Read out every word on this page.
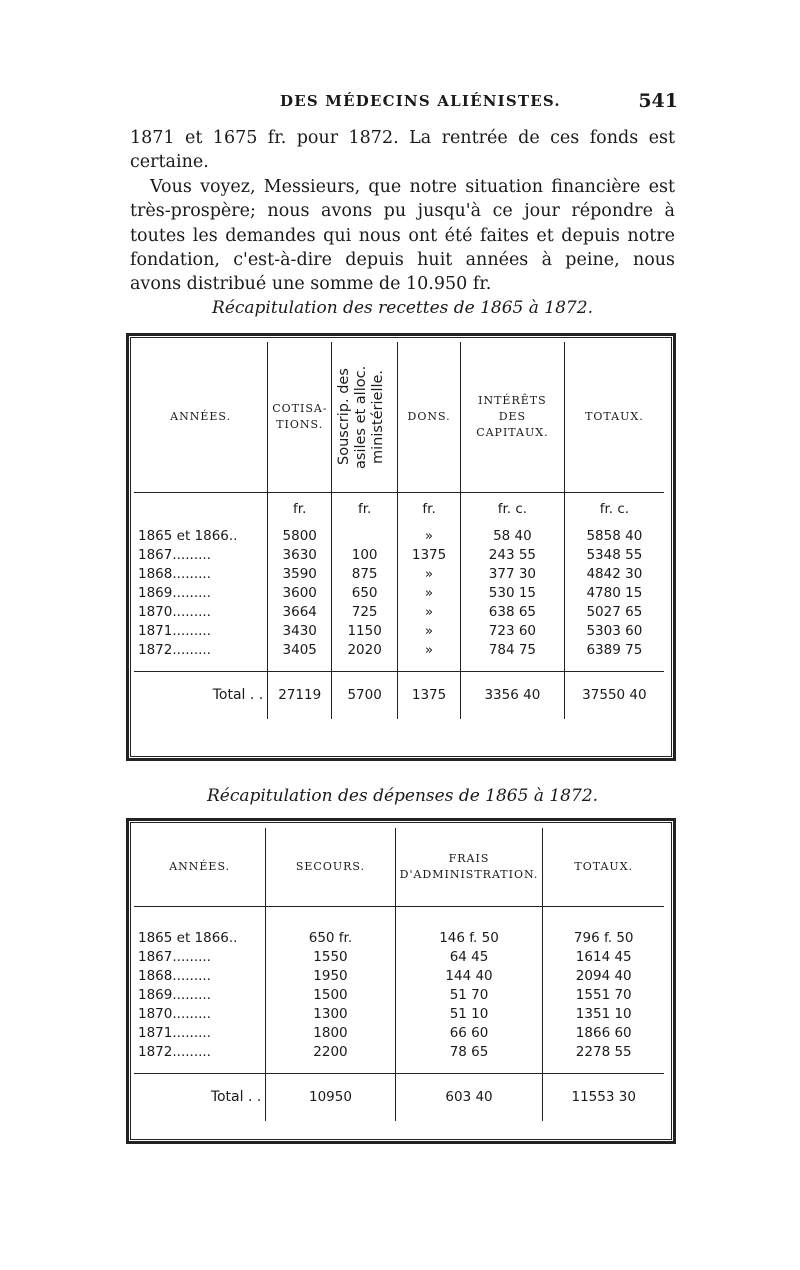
DES MÉDECINS ALIÉNISTES.	541

1871 et 1675 fr. pour 1872. La rentrée de ces fonds est certaine.

Vous voyez, Messieurs, que notre situation financière est très-prospère; nous avons pu jusqu'à ce jour répondre à toutes les demandes qui nous ont été faites et depuis notre fondation, c'est-à-dire depuis huit années à peine, nous avons distribué une somme de 10.950 fr.

Récapitulation des recettes de 1865 à 1872.
ANNÉES.	COTISA-TIONS.	Souscrip. des asiles et alloc. ministérielle.	DONS.	INTÉRÊTS DES CAPITAUX.	TOTAUX.
	fr.	fr.	fr.	fr. c.	fr. c.
1865 et 1866..	5800		»	58 40	5858 40
1867.........	3630	100	1375	243 55	5348 55
1868.........	3590	875	»	377 30	4842 30
1869.........	3600	650	»	530 15	4780 15
1870.........	3664	725	»	638 65	5027 65
1871.........	3430	1150	»	723 60	5303 60
1872.........	3405	2020	»	784 75	6389 75

Total . .	27119	5700	1375	3356 40	37550 40
Récapitulation des dépenses de 1865 à 1872.
ANNÉES.	SECOURS.	FRAIS D'ADMINISTRATION.	TOTAUX.

1865 et 1866..	650 fr.	146 f. 50	796 f. 50
1867.........	1550	64 45	1614 45
1868.........	1950	144 40	2094 40
1869.........	1500	51 70	1551 70
1870.........	1300	51 10	1351 10
1871.........	1800	66 60	1866 60
1872.........	2200	78 65	2278 55

Total . .	10950	603 40	11553 30
